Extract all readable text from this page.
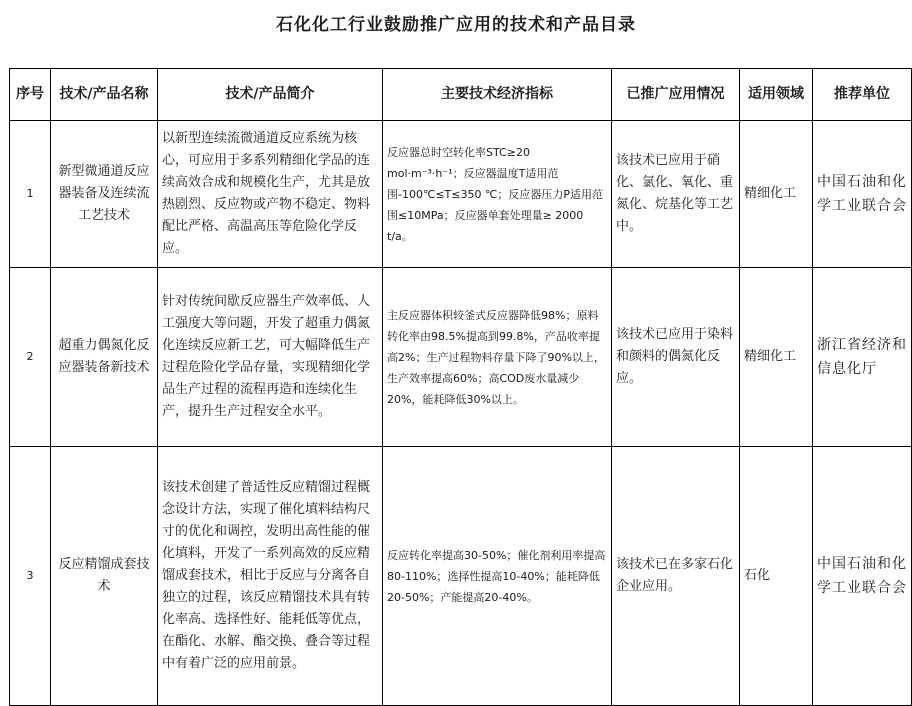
石化化工行业鼓励推广应用的技术和产品目录
序号	技术/产品名称	技术/产品简介	主要技术经济指标	已推广应用情况	适用领域	推荐单位
1	新型微通道反应器装备及连续流工艺技术	以新型连续流微通道反应系统为核心，可应用于多系列精细化学品的连续高效合成和规模化生产，尤其是放热剧烈、反应物或产物不稳定、物料配比严格、高温高压等危险化学反应。	反应器总时空转化率STC≥20 mol·m⁻³·h⁻¹；反应器温度T适用范围-100℃≤T≤350 ℃；反应器压力P适用范围≤10MPa；反应器单套处理量≥ 2000 t/a。	该技术已应用于硝化、氯化、氧化、重氮化、烷基化等工艺中。	精细化工	中国石油和化学工业联合会
2	超重力偶氮化反应器装备新技术	针对传统间歇反应器生产效率低、人工强度大等问题，开发了超重力偶氮化连续反应新工艺，可大幅降低生产过程危险化学品存量，实现精细化学品生产过程的流程再造和连续化生产，提升生产过程安全水平。	主反应器体积较釜式反应器降低98%；原料转化率由98.5%提高到99.8%，产品收率提高2%；生产过程物料存量下降了90%以上，生产效率提高60%；高COD废水量减少20%，能耗降低30%以上。	该技术已应用于染料和颜料的偶氮化反应。	精细化工	浙江省经济和信息化厅
3	反应精馏成套技术	该技术创建了普适性反应精馏过程概念设计方法，实现了催化填料结构尺寸的优化和调控，发明出高性能的催化填料，开发了一系列高效的反应精馏成套技术，相比于反应与分离各自独立的过程，该反应精馏技术具有转化率高、选择性好、能耗低等优点，在酯化、水解、酯交换、叠合等过程中有着广泛的应用前景。	反应转化率提高30-50%；催化剂利用率提高80-110%；选择性提高10-40%；能耗降低20-50%；产能提高20-40%。	该技术已在多家石化企业应用。	石化	中国石油和化学工业联合会
